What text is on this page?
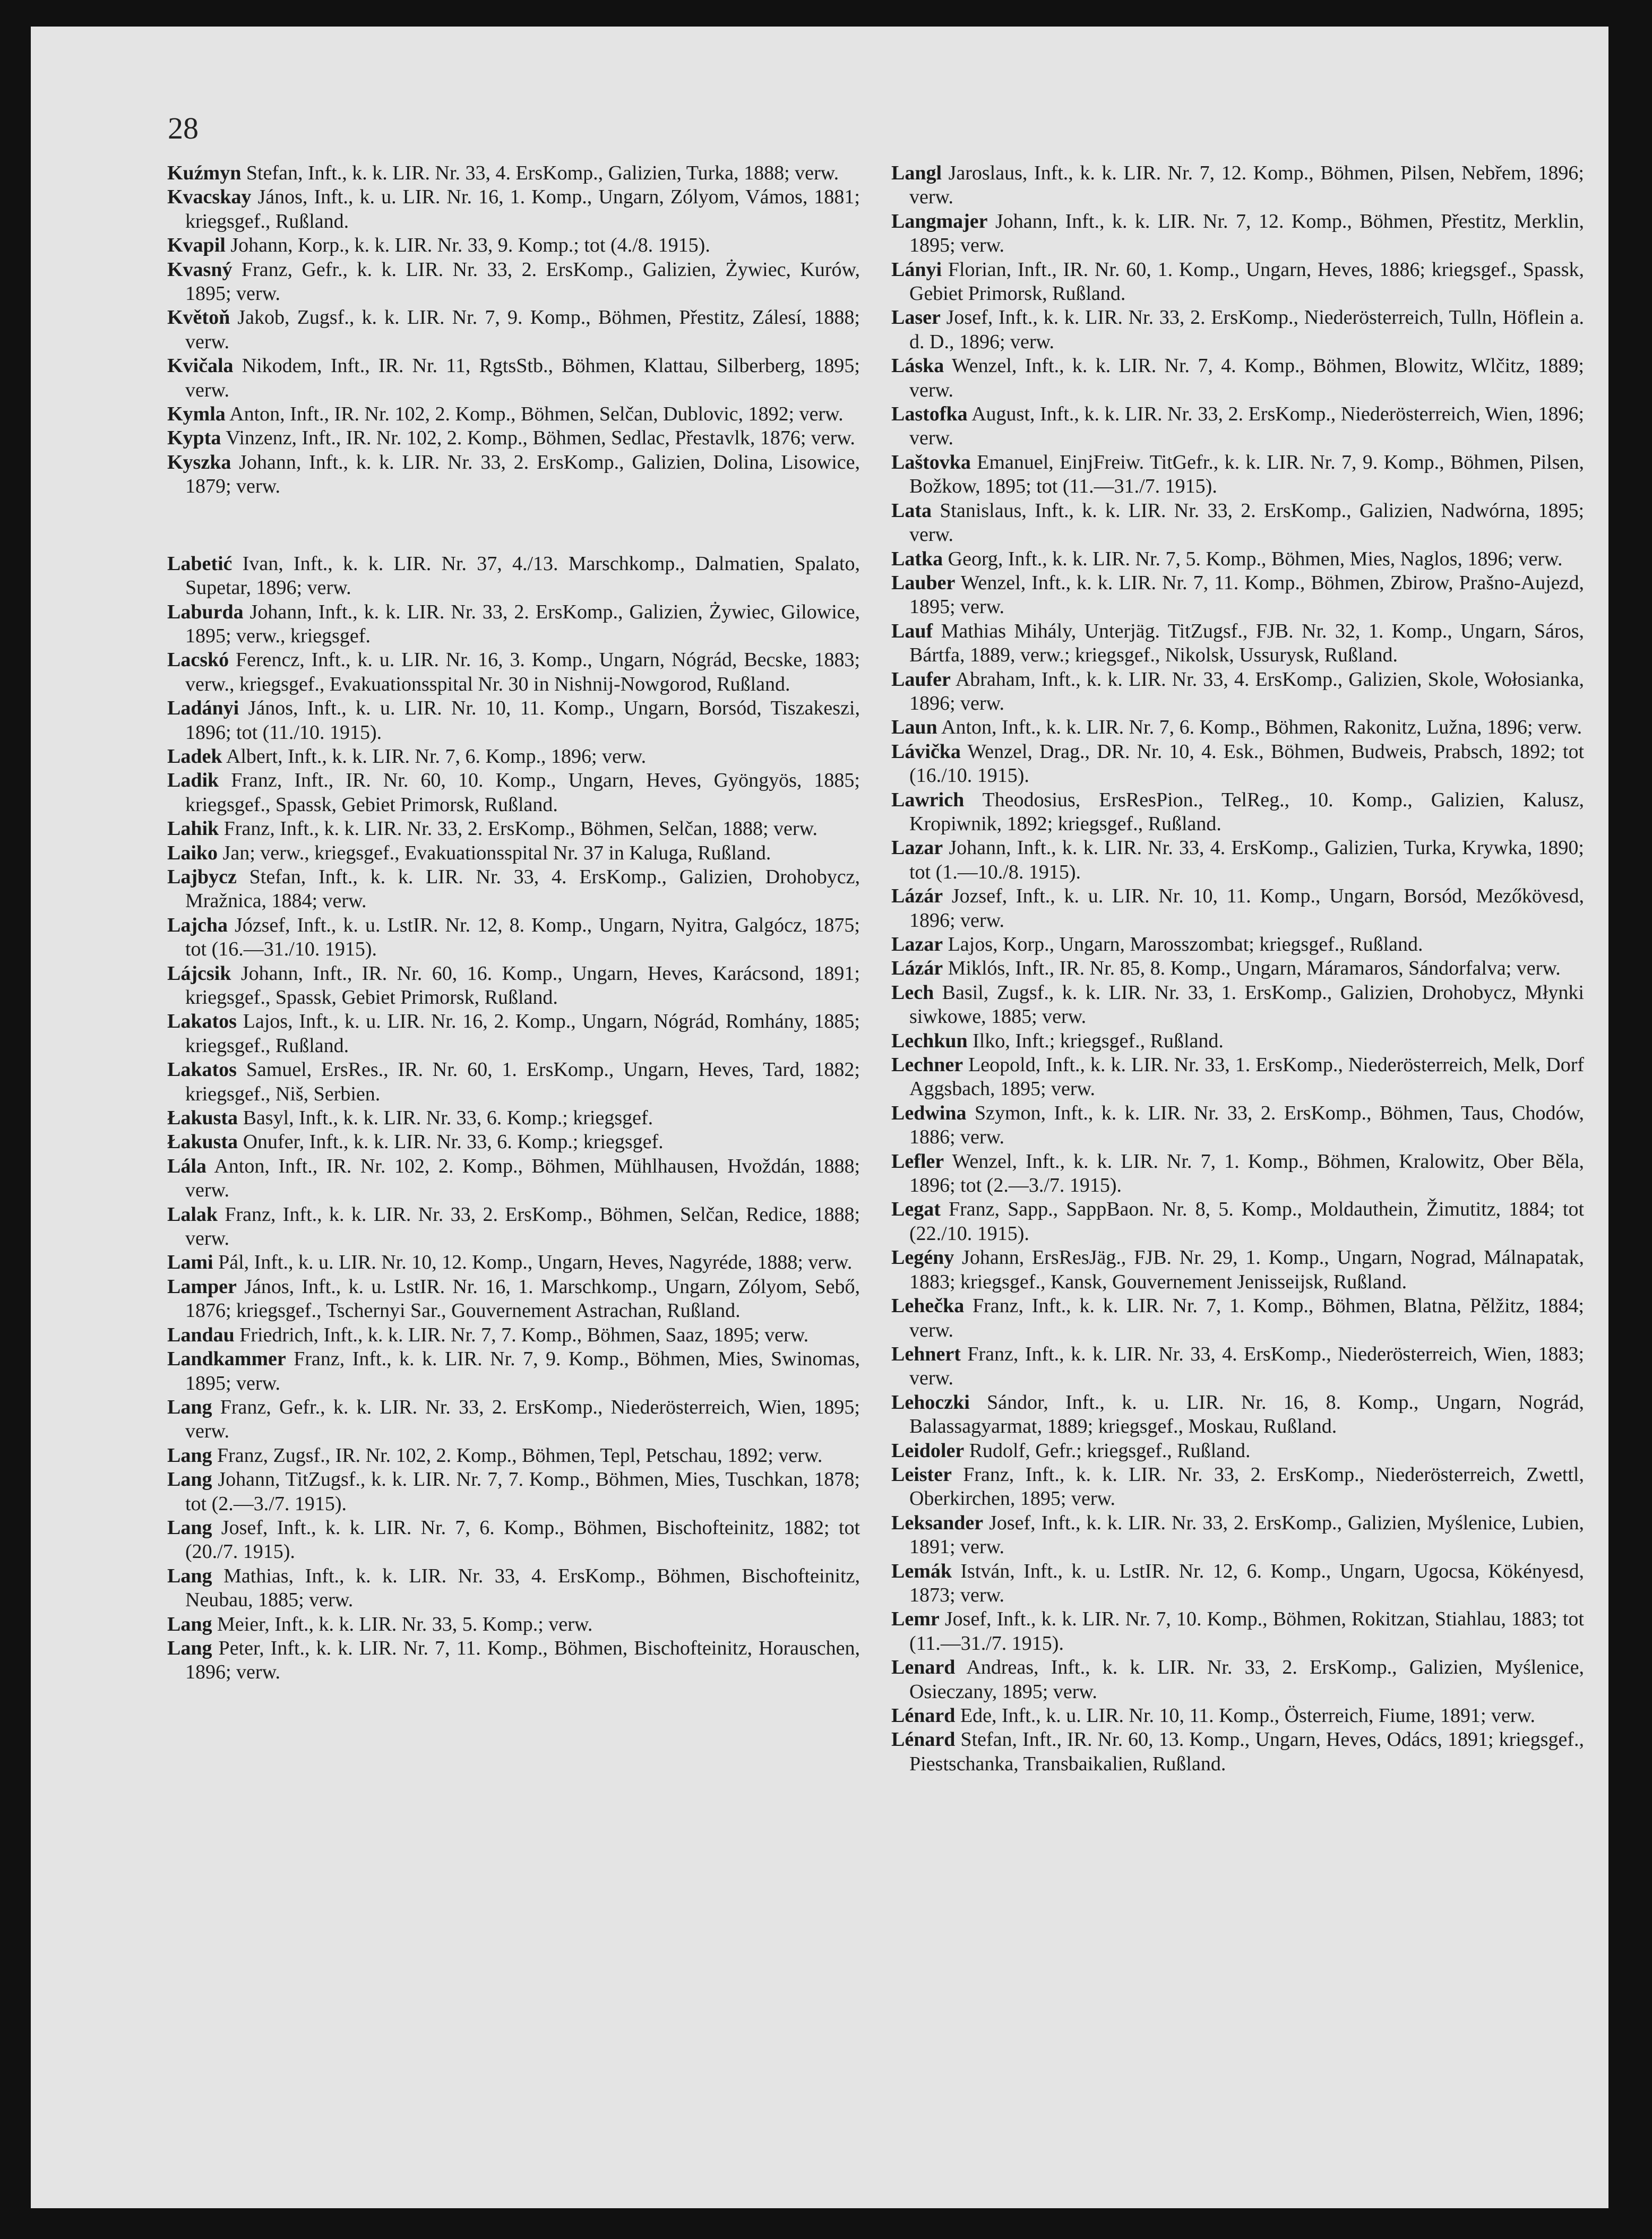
28

Kuźmyn Stefan, Inft., k. k. LIR. Nr. 33, 4. ErsKomp., Galizien, Turka, 1888; verw.

Kvacskay János, Inft., k. u. LIR. Nr. 16, 1. Komp., Ungarn, Zólyom, Vámos, 1881; kriegsgef., Rußland.

Kvapil Johann, Korp., k. k. LIR. Nr. 33, 9. Komp.; tot (4./8. 1915).

Kvasný Franz, Gefr., k. k. LIR. Nr. 33, 2. ErsKomp., Galizien, Żywiec, Kurów, 1895; verw.

Květoň Jakob, Zugsf., k. k. LIR. Nr. 7, 9. Komp., Böhmen, Přestitz, Zálesí, 1888; verw.

Kvičala Nikodem, Inft., IR. Nr. 11, RgtsStb., Böhmen, Klattau, Silberberg, 1895; verw.

Kymla Anton, Inft., IR. Nr. 102, 2. Komp., Böhmen, Selčan, Dublovic, 1892; verw.

Kypta Vinzenz, Inft., IR. Nr. 102, 2. Komp., Böhmen, Sedlac, Přestavlk, 1876; verw.

Kyszka Johann, Inft., k. k. LIR. Nr. 33, 2. ErsKomp., Galizien, Dolina, Lisowice, 1879; verw.

Labetić Ivan, Inft., k. k. LIR. Nr. 37, 4./13. Marschkomp., Dalmatien, Spalato, Supetar, 1896; verw.

Laburda Johann, Inft., k. k. LIR. Nr. 33, 2. ErsKomp., Galizien, Żywiec, Gilowice, 1895; verw., kriegsgef.

Lacskó Ferencz, Inft., k. u. LIR. Nr. 16, 3. Komp., Ungarn, Nógrád, Becske, 1883; verw., kriegsgef., Evakuationsspital Nr. 30 in Nishnij-Nowgorod, Rußland.

Ladányi János, Inft., k. u. LIR. Nr. 10, 11. Komp., Ungarn, Borsód, Tiszakeszi, 1896; tot (11./10. 1915).

Ladek Albert, Inft., k. k. LIR. Nr. 7, 6. Komp., 1896; verw.

Ladik Franz, Inft., IR. Nr. 60, 10. Komp., Ungarn, Heves, Gyöngyös, 1885; kriegsgef., Spassk, Gebiet Primorsk, Rußland.

Lahik Franz, Inft., k. k. LIR. Nr. 33, 2. ErsKomp., Böhmen, Selčan, 1888; verw.

Laiko Jan; verw., kriegsgef., Evakuationsspital Nr. 37 in Kaluga, Rußland.

Lajbycz Stefan, Inft., k. k. LIR. Nr. 33, 4. ErsKomp., Galizien, Drohobycz, Mražnica, 1884; verw.

Lajcha József, Inft., k. u. LstIR. Nr. 12, 8. Komp., Ungarn, Nyitra, Galgócz, 1875; tot (16.—31./10. 1915).

Lájcsik Johann, Inft., IR. Nr. 60, 16. Komp., Ungarn, Heves, Karácsond, 1891; kriegsgef., Spassk, Gebiet Primorsk, Rußland.

Lakatos Lajos, Inft., k. u. LIR. Nr. 16, 2. Komp., Ungarn, Nógrád, Romhány, 1885; kriegsgef., Rußland.

Lakatos Samuel, ErsRes., IR. Nr. 60, 1. ErsKomp., Ungarn, Heves, Tard, 1882; kriegsgef., Niš, Serbien.

Łakusta Basyl, Inft., k. k. LIR. Nr. 33, 6. Komp.; kriegsgef.

Łakusta Onufer, Inft., k. k. LIR. Nr. 33, 6. Komp.; kriegsgef.

Lála Anton, Inft., IR. Nr. 102, 2. Komp., Böhmen, Mühlhausen, Hvoždán, 1888; verw.

Lalak Franz, Inft., k. k. LIR. Nr. 33, 2. ErsKomp., Böhmen, Selčan, Redice, 1888; verw.

Lami Pál, Inft., k. u. LIR. Nr. 10, 12. Komp., Ungarn, Heves, Nagyréde, 1888; verw.

Lamper János, Inft., k. u. LstIR. Nr. 16, 1. Marschkomp., Ungarn, Zólyom, Sebő, 1876; kriegsgef., Tschernyi Sar., Gouvernement Astrachan, Rußland.

Landau Friedrich, Inft., k. k. LIR. Nr. 7, 7. Komp., Böhmen, Saaz, 1895; verw.

Landkammer Franz, Inft., k. k. LIR. Nr. 7, 9. Komp., Böhmen, Mies, Swinomas, 1895; verw.

Lang Franz, Gefr., k. k. LIR. Nr. 33, 2. ErsKomp., Niederösterreich, Wien, 1895; verw.

Lang Franz, Zugsf., IR. Nr. 102, 2. Komp., Böhmen, Tepl, Petschau, 1892; verw.

Lang Johann, TitZugsf., k. k. LIR. Nr. 7, 7. Komp., Böhmen, Mies, Tuschkan, 1878; tot (2.—3./7. 1915).

Lang Josef, Inft., k. k. LIR. Nr. 7, 6. Komp., Böhmen, Bischofteinitz, 1882; tot (20./7. 1915).

Lang Mathias, Inft., k. k. LIR. Nr. 33, 4. ErsKomp., Böhmen, Bischofteinitz, Neubau, 1885; verw.

Lang Meier, Inft., k. k. LIR. Nr. 33, 5. Komp.; verw.

Lang Peter, Inft., k. k. LIR. Nr. 7, 11. Komp., Böhmen, Bischofteinitz, Horauschen, 1896; verw.

Langl Jaroslaus, Inft., k. k. LIR. Nr. 7, 12. Komp., Böhmen, Pilsen, Nebřem, 1896; verw.

Langmajer Johann, Inft., k. k. LIR. Nr. 7, 12. Komp., Böhmen, Přestitz, Merklin, 1895; verw.

Lányi Florian, Inft., IR. Nr. 60, 1. Komp., Ungarn, Heves, 1886; kriegsgef., Spassk, Gebiet Primorsk, Rußland.

Laser Josef, Inft., k. k. LIR. Nr. 33, 2. ErsKomp., Niederösterreich, Tulln, Höflein a. d. D., 1896; verw.

Láska Wenzel, Inft., k. k. LIR. Nr. 7, 4. Komp., Böhmen, Blowitz, Wlčitz, 1889; verw.

Lastofka August, Inft., k. k. LIR. Nr. 33, 2. ErsKomp., Niederösterreich, Wien, 1896; verw.

Laštovka Emanuel, EinjFreiw. TitGefr., k. k. LIR. Nr. 7, 9. Komp., Böhmen, Pilsen, Božkow, 1895; tot (11.—31./7. 1915).

Lata Stanislaus, Inft., k. k. LIR. Nr. 33, 2. ErsKomp., Galizien, Nadwórna, 1895; verw.

Latka Georg, Inft., k. k. LIR. Nr. 7, 5. Komp., Böhmen, Mies, Naglos, 1896; verw.

Lauber Wenzel, Inft., k. k. LIR. Nr. 7, 11. Komp., Böhmen, Zbirow, Prašno-Aujezd, 1895; verw.

Lauf Mathias Mihály, Unterjäg. TitZugsf., FJB. Nr. 32, 1. Komp., Ungarn, Sáros, Bártfa, 1889, verw.; kriegsgef., Nikolsk, Ussurysk, Rußland.

Laufer Abraham, Inft., k. k. LIR. Nr. 33, 4. ErsKomp., Galizien, Skole, Wołosianka, 1896; verw.

Laun Anton, Inft., k. k. LIR. Nr. 7, 6. Komp., Böhmen, Rakonitz, Lužna, 1896; verw.

Lávička Wenzel, Drag., DR. Nr. 10, 4. Esk., Böhmen, Budweis, Prabsch, 1892; tot (16./10. 1915).

Lawrich Theodosius, ErsResPion., TelReg., 10. Komp., Galizien, Kalusz, Kropiwnik, 1892; kriegsgef., Rußland.

Lazar Johann, Inft., k. k. LIR. Nr. 33, 4. ErsKomp., Galizien, Turka, Krywka, 1890; tot (1.—10./8. 1915).

Lázár Jozsef, Inft., k. u. LIR. Nr. 10, 11. Komp., Ungarn, Borsód, Mezőkövesd, 1896; verw.

Lazar Lajos, Korp., Ungarn, Marosszombat; kriegsgef., Rußland.

Lázár Miklós, Inft., IR. Nr. 85, 8. Komp., Ungarn, Máramaros, Sándorfalva; verw.

Lech Basil, Zugsf., k. k. LIR. Nr. 33, 1. ErsKomp., Galizien, Drohobycz, Młynki siwkowe, 1885; verw.

Lechkun Ilko, Inft.; kriegsgef., Rußland.

Lechner Leopold, Inft., k. k. LIR. Nr. 33, 1. ErsKomp., Niederösterreich, Melk, Dorf Aggsbach, 1895; verw.

Ledwina Szymon, Inft., k. k. LIR. Nr. 33, 2. ErsKomp., Böhmen, Taus, Chodów, 1886; verw.

Lefler Wenzel, Inft., k. k. LIR. Nr. 7, 1. Komp., Böhmen, Kralowitz, Ober Běla, 1896; tot (2.—3./7. 1915).

Legat Franz, Sapp., SappBaon. Nr. 8, 5. Komp., Moldauthein, Žimutitz, 1884; tot (22./10. 1915).

Legény Johann, ErsResJäg., FJB. Nr. 29, 1. Komp., Ungarn, Nograd, Málnapatak, 1883; kriegsgef., Kansk, Gouvernement Jenisseijsk, Rußland.

Lehečka Franz, Inft., k. k. LIR. Nr. 7, 1. Komp., Böhmen, Blatna, Pělžitz, 1884; verw.

Lehnert Franz, Inft., k. k. LIR. Nr. 33, 4. ErsKomp., Niederösterreich, Wien, 1883; verw.

Lehoczki Sándor, Inft., k. u. LIR. Nr. 16, 8. Komp., Ungarn, Nográd, Balassagyarmat, 1889; kriegsgef., Moskau, Rußland.

Leidoler Rudolf, Gefr.; kriegsgef., Rußland.

Leister Franz, Inft., k. k. LIR. Nr. 33, 2. ErsKomp., Niederösterreich, Zwettl, Oberkirchen, 1895; verw.

Leksander Josef, Inft., k. k. LIR. Nr. 33, 2. ErsKomp., Galizien, Myślenice, Lubien, 1891; verw.

Lemák István, Inft., k. u. LstIR. Nr. 12, 6. Komp., Ungarn, Ugocsa, Kökényesd, 1873; verw.

Lemr Josef, Inft., k. k. LIR. Nr. 7, 10. Komp., Böhmen, Rokitzan, Stiahlau, 1883; tot (11.—31./7. 1915).

Lenard Andreas, Inft., k. k. LIR. Nr. 33, 2. ErsKomp., Galizien, Myślenice, Osieczany, 1895; verw.

Lénard Ede, Inft., k. u. LIR. Nr. 10, 11. Komp., Österreich, Fiume, 1891; verw.

Lénard Stefan, Inft., IR. Nr. 60, 13. Komp., Ungarn, Heves, Odács, 1891; kriegsgef., Piestschanka, Transbaikalien, Rußland.
